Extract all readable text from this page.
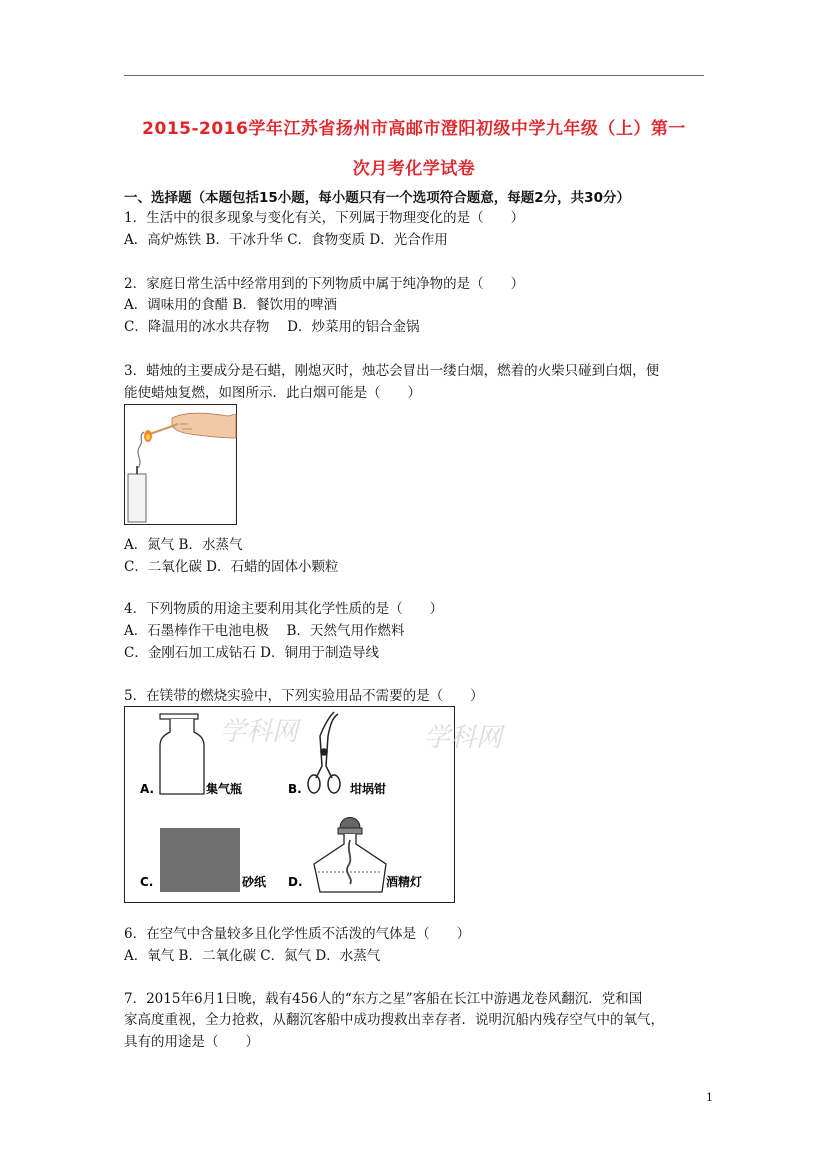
2015-2016学年江苏省扬州市高邮市澄阳初级中学九年级（上）第一
次月考化学试卷
一、选择题（本题包括15小题，每小题只有一个选项符合题意，每题2分，共30分）
1．生活中的很多现象与变化有关，下列属于物理变化的是（　　）
A．高炉炼铁 B．干冰升华 C．食物变质 D．光合作用
2．家庭日常生活中经常用到的下列物质中属于纯净物的是（　　）
A．调味用的食醋 B．餐饮用的啤酒
C．降温用的冰水共存物　 D．炒菜用的铝合金锅
3．蜡烛的主要成分是石蜡，刚熄灭时，烛芯会冒出一缕白烟，燃着的火柴只碰到白烟，便
能使蜡烛复燃，如图所示．此白烟可能是（　　）
A．氮气 B．水蒸气
C．二氧化碳 D．石蜡的固体小颗粒
4．下列物质的用途主要利用其化学性质的是（　　）
A．石墨棒作干电池电极　 B．天然气用作燃料
C．金刚石加工成钻石 D．铜用于制造导线
5．在镁带的燃烧实验中，下列实验用品不需要的是（　　）
学科网	学科网
A.	集气瓶	B.	坩埚钳
C.	砂纸 D.	酒精灯
6．在空气中含量较多且化学性质不活泼的气体是（　　）
A．氧气 B．二氧化碳 C．氮气 D．水蒸气
7．2015年6月1日晚，载有456人的“东方之星”客船在长江中游遇龙卷风翻沉．党和国
家高度重视，全力抢救，从翻沉客船中成功搜救出幸存者．说明沉船内残存空气中的氧气，
具有的用途是（　　）
1
